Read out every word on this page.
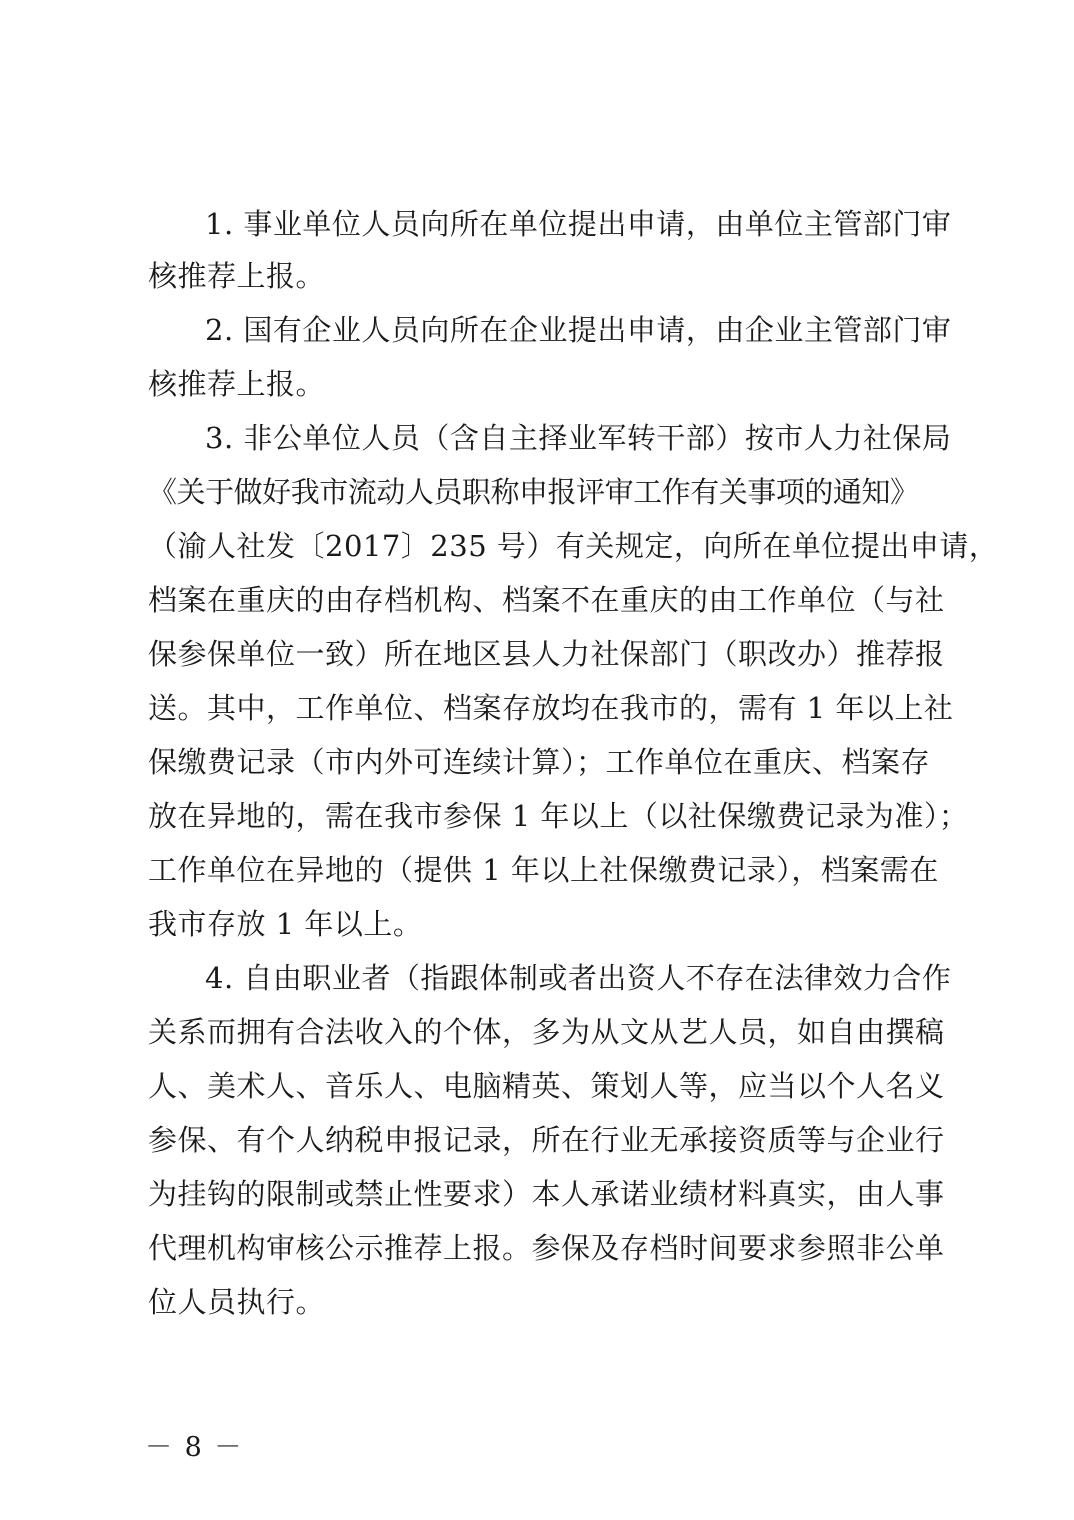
1. 事业单位人员向所在单位提出申请，由单位主管部门审
核推荐上报。
2. 国有企业人员向所在企业提出申请，由企业主管部门审
核推荐上报。
3. 非公单位人员（含自主择业军转干部）按市人力社保局
《关于做好我市流动人员职称申报评审工作有关事项的通知》
（渝人社发〔2017〕235 号）有关规定，向所在单位提出申请，
档案在重庆的由存档机构、档案不在重庆的由工作单位（与社
保参保单位一致）所在地区县人力社保部门（职改办）推荐报
送。其中，工作单位、档案存放均在我市的，需有 1 年以上社
保缴费记录（市内外可连续计算）；工作单位在重庆、档案存
放在异地的，需在我市参保 1 年以上（以社保缴费记录为准）；
工作单位在异地的（提供 1 年以上社保缴费记录），档案需在
我市存放 1 年以上。
4. 自由职业者（指跟体制或者出资人不存在法律效力合作
关系而拥有合法收入的个体，多为从文从艺人员，如自由撰稿
人、美术人、音乐人、电脑精英、策划人等，应当以个人名义
参保、有个人纳税申报记录，所在行业无承接资质等与企业行
为挂钩的限制或禁止性要求）本人承诺业绩材料真实，由人事
代理机构审核公示推荐上报。参保及存档时间要求参照非公单
位人员执行。
－ 8 －
